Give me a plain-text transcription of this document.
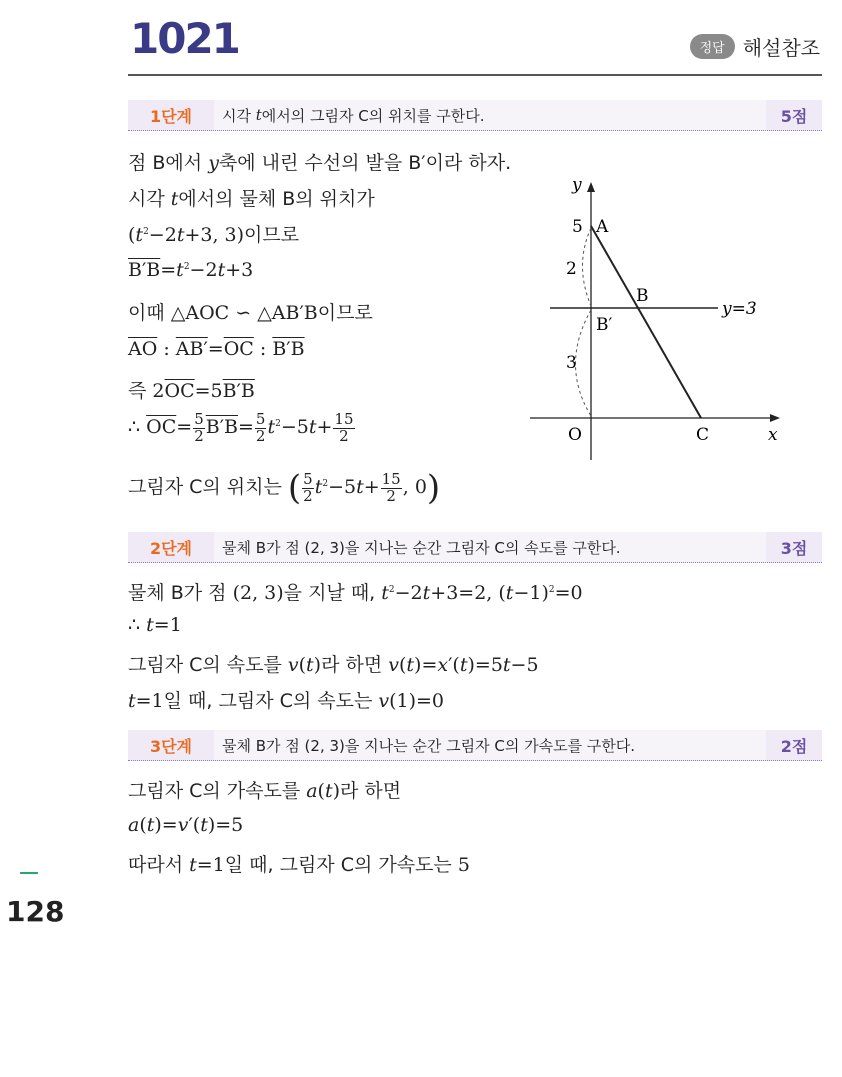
1021	정답 해설참조
1단계	시각 t 에서의 그림자 C의 위치를 구한다.	5점
점 B에서 y축에 내린 수선의 발을 B′이라 하자.
시각 t에서의 물체 B의 위치가
($t^2-2t+3$, 3)이므로
$B'B=t^2-2t+3$
이때 △AOC ∽ △AB′B이므로
$\overline{AO}$ : $AB'=\overline{OC}$ : B′B
즉 $2\overline{OC}=5B'B$
∴ $\overline{OC}= \frac{5}{2} B'B= \frac{5}{2} t^2-5t+ \frac{15}{2}$
그림자 C의 위치는 ( $\frac{5}{2} t^2-5t+ \frac{15}{2}$ , 0)
y
x
5 A
2
B
B′
y=3
3
O	C
2단계	물체 B가 점 (2, 3)을 지나는 순간 그림자 C의 속도를 구한다.	3점
물체 B가 점 (2, 3)을 지날 때, $t^2-2t+3=2$, $(t-1)^2=0$
∴ t=1
그림자 C의 속도를 v(t)라 하면 v(t)=x′(t)=5t−5
t=1일 때, 그림자 C의 속도는 v(1)=0
3단계	물체 B가 점 (2, 3)을 지나는 순간 그림자 C의 가속도를 구한다.	2점
그림자 C의 가속도를 a(t)라 하면
a(t)=v′(t)=5
따라서 t=1일 때, 그림자 C의 가속도는 5
128
